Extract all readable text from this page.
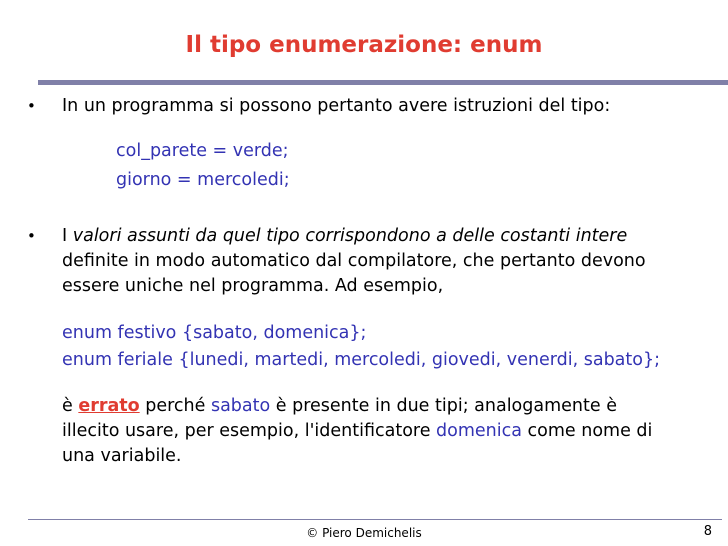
Il tipo enumerazione: enum
• In un programma si possono pertanto avere istruzioni del tipo:
col_parete = verde;
giorno = mercoledi;
• I valori assunti da quel tipo corrispondono a delle costanti intere
definite in modo automatico dal compilatore, che pertanto devono
essere uniche nel programma. Ad esempio,
enum festivo {sabato, domenica};
enum feriale {lunedi, martedi, mercoledi, giovedi, venerdi, sabato};
è errato perché sabato è presente in due tipi; analogamente è
illecito usare, per esempio, l'identificatore domenica come nome di
una variabile.
© Piero Demichelis	8
